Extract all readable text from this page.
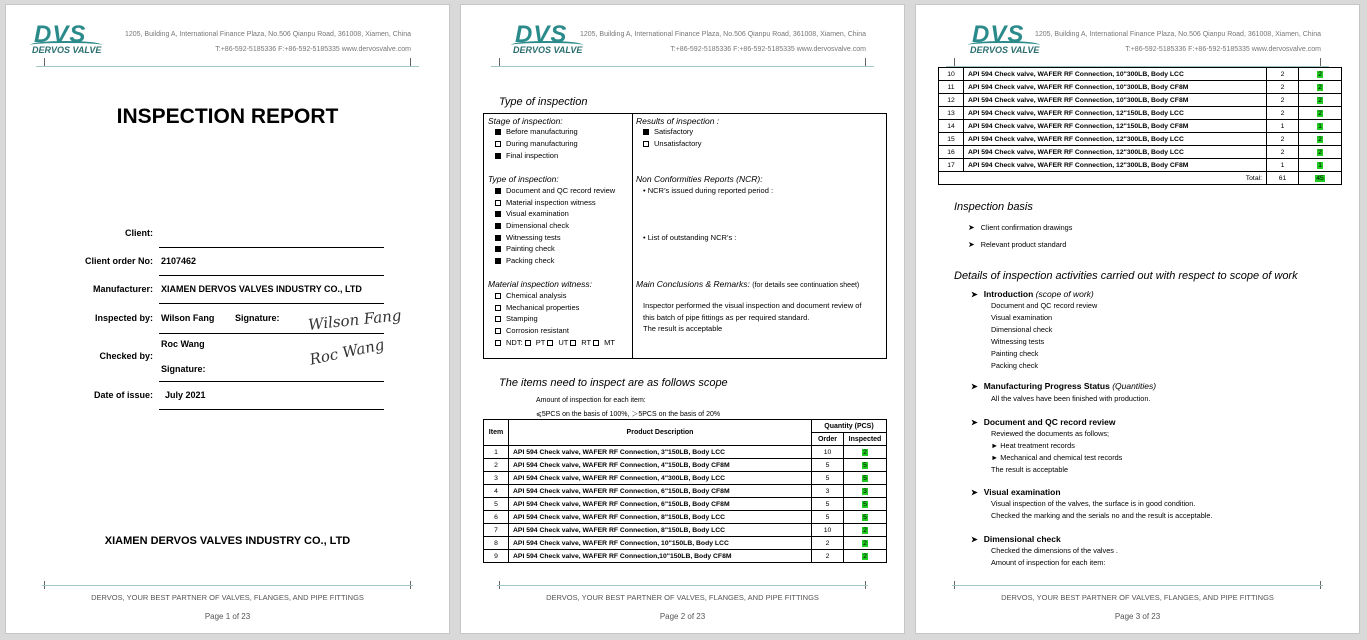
DVS
DERVOS VALVE
1205, Building A, International Finance Plaza, No.506 Qianpu Road, 361008, Xiamen, China
T:+86-592-5185336 F:+86-592-5185335 www.dervosvalve.com
INSPECTION REPORT
Client:
Client order No: 2107462
Manufacturer: XIAMEN DERVOS VALVES INDUSTRY CO., LTD
Inspected by: Wilson Fang Signature: Wilson Fang
Checked by:
Roc Wang
Signature:
Roc Wang
Date of issue: July 2021
XIAMEN DERVOS VALVES INDUSTRY CO., LTD
DERVOS, YOUR BEST PARTNER OF VALVES, FLANGES, AND PIPE FITTINGS
Page 1 of 23
DVS
DERVOS VALVE
1205, Building A, International Finance Plaza, No.506 Qianpu Road, 361008, Xiamen, China
T:+86-592-5185336 F:+86-592-5185335 www.dervosvalve.com
Type of inspection
Stage of inspection:
Before manufacturing
During manufacturing
Final inspection
Type of inspection:
Document and QC record review
Material inspection witness
Visual examination
Dimensional check
Witnessing tests
Painting check
Packing check
Material inspection witness:
Chemical analysis
Mechanical properties
Stamping
Corrosion resistant
NDT: PT UT RT MT
Results of inspection :
Satisfactory
Unsatisfactory
Non Conformities Reports (NCR):
• NCR’s issued during reported period :
• List of outstanding NCR’s :
Main Conclusions & Remarks: (for details see continuation sheet)
Inspector performed the visual inspection and document review of
this batch of pipe fittings as per required standard.
The result is acceptable
The items need to inspect are as follows scope
Amount of inspection for each item:
⩽5PCS on the basis of 100%, ＞5PCS on the basis of 20%
Item	Product Description	Quantity (PCS)	
		Order	Inspected
1	API 594 Check valve, WAFER RF Connection, 3"150LB, Body LCC	10	2
2	API 594 Check valve, WAFER RF Connection, 4"150LB, Body CF8M	5	5
3	API 594 Check valve, WAFER RF Connection, 4"300LB, Body LCC	5	5
4	API 594 Check valve, WAFER RF Connection, 6"150LB, Body CF8M	3	3
5	API 594 Check valve, WAFER RF Connection, 6"150LB, Body CF8M	5	5
6	API 594 Check valve, WAFER RF Connection, 8"150LB, Body LCC	5	5
7	API 594 Check valve, WAFER RF Connection, 8"150LB, Body LCC	10	2
8	API 594 Check valve, WAFER RF Connection, 10"150LB, Body LCC	2	2
9	API 594 Check valve, WAFER RF Connection,10"150LB, Body CF8M	2	2
DERVOS, YOUR BEST PARTNER OF VALVES, FLANGES, AND PIPE FITTINGS
Page 2 of 23
DVS
DERVOS VALVE
1205, Building A, International Finance Plaza, No.506 Qianpu Road, 361008, Xiamen, China
T:+86-592-5185336 F:+86-592-5185335 www.dervosvalve.com
10	API 594 Check valve, WAFER RF Connection, 10"300LB, Body LCC	2	2
11	API 594 Check valve, WAFER RF Connection, 10"300LB, Body CF8M	2	2
12	API 594 Check valve, WAFER RF Connection, 10"300LB, Body CF8M	2	2
13	API 594 Check valve, WAFER RF Connection, 12"150LB, Body LCC	2	2
14	API 594 Check valve, WAFER RF Connection, 12"150LB, Body CF8M	1	1
15	API 594 Check valve, WAFER RF Connection, 12"300LB, Body LCC	2	2
16	API 594 Check valve, WAFER RF Connection, 12"300LB, Body LCC	2	2
17	API 594 Check valve, WAFER RF Connection, 12"300LB, Body CF8M	1	1
Total:		61	45
Inspection basis
➤ Client confirmation drawings
➤ Relevant product standard
Details of inspection activities carried out with respect to scope of work
➤ Introduction (scope of work)
Document and QC record review
Visual examination
Dimensional check
Witnessing tests
Painting check
Packing check
➤ Manufacturing Progress Status (Quantities)
All the valves have been finished with production.
➤ Document and QC record review
Reviewed the documents as follows;
► Heat treatment records
► Mechanical and chemical test records
The result is acceptable
➤ Visual examination
Visual inspection of the valves, the surface is in good condition.
Checked the marking and the serials no and the result is acceptable.
➤ Dimensional check
Checked the dimensions of the valves .
Amount of inspection for each item:
DERVOS, YOUR BEST PARTNER OF VALVES, FLANGES, AND PIPE FITTINGS
Page 3 of 23
